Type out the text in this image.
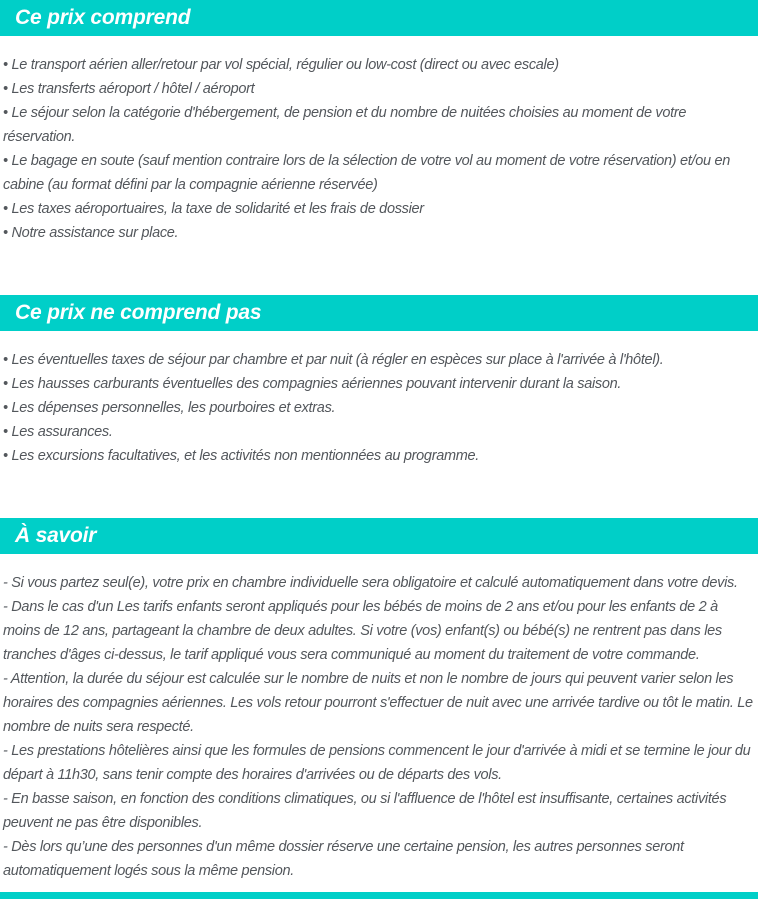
Ce prix comprend

• Le transport aérien aller/retour par vol spécial, régulier ou low-cost (direct ou avec escale)

• Les transferts aéroport / hôtel / aéroport

• Le séjour selon la catégorie d'hébergement, de pension et du nombre de nuitées choisies au moment de votre réservation.

• Le bagage en soute (sauf mention contraire lors de la sélection de votre vol au moment de votre réservation) et/ou en cabine (au format défini par la compagnie aérienne réservée)

• Les taxes aéroportuaires, la taxe de solidarité et les frais de dossier

• Notre assistance sur place.

Ce prix ne comprend pas

• Les éventuelles taxes de séjour par chambre et par nuit (à régler en espèces sur place à l'arrivée à l'hôtel).

• Les hausses carburants éventuelles des compagnies aériennes pouvant intervenir durant la saison.

• Les dépenses personnelles, les pourboires et extras.

• Les assurances.

• Les excursions facultatives, et les activités non mentionnées au programme.

À savoir

- Si vous partez seul(e), votre prix en chambre individuelle sera obligatoire et calculé automatiquement dans votre devis.

- Dans le cas d'un Les tarifs enfants seront appliqués pour les bébés de moins de 2 ans et/ou pour les enfants de 2 à moins de 12 ans, partageant la chambre de deux adultes. Si votre (vos) enfant(s) ou bébé(s) ne rentrent pas dans les tranches d'âges ci-dessus, le tarif appliqué vous sera communiqué au moment du traitement de votre commande.

- Attention, la durée du séjour est calculée sur le nombre de nuits et non le nombre de jours qui peuvent varier selon les horaires des compagnies aériennes. Les vols retour pourront s'effectuer de nuit avec une arrivée tardive ou tôt le matin. Le nombre de nuits sera respecté.

- Les prestations hôtelières ainsi que les formules de pensions commencent le jour d'arrivée à midi et se termine le jour du départ à 11h30, sans tenir compte des horaires d'arrivées ou de départs des vols.

- En basse saison, en fonction des conditions climatiques, ou si l'affluence de l'hôtel est insuffisante, certaines activités peuvent ne pas être disponibles.

- Dès lors qu’une des personnes d'un même dossier réserve une certaine pension, les autres personnes seront automatiquement logés sous la même pension.
